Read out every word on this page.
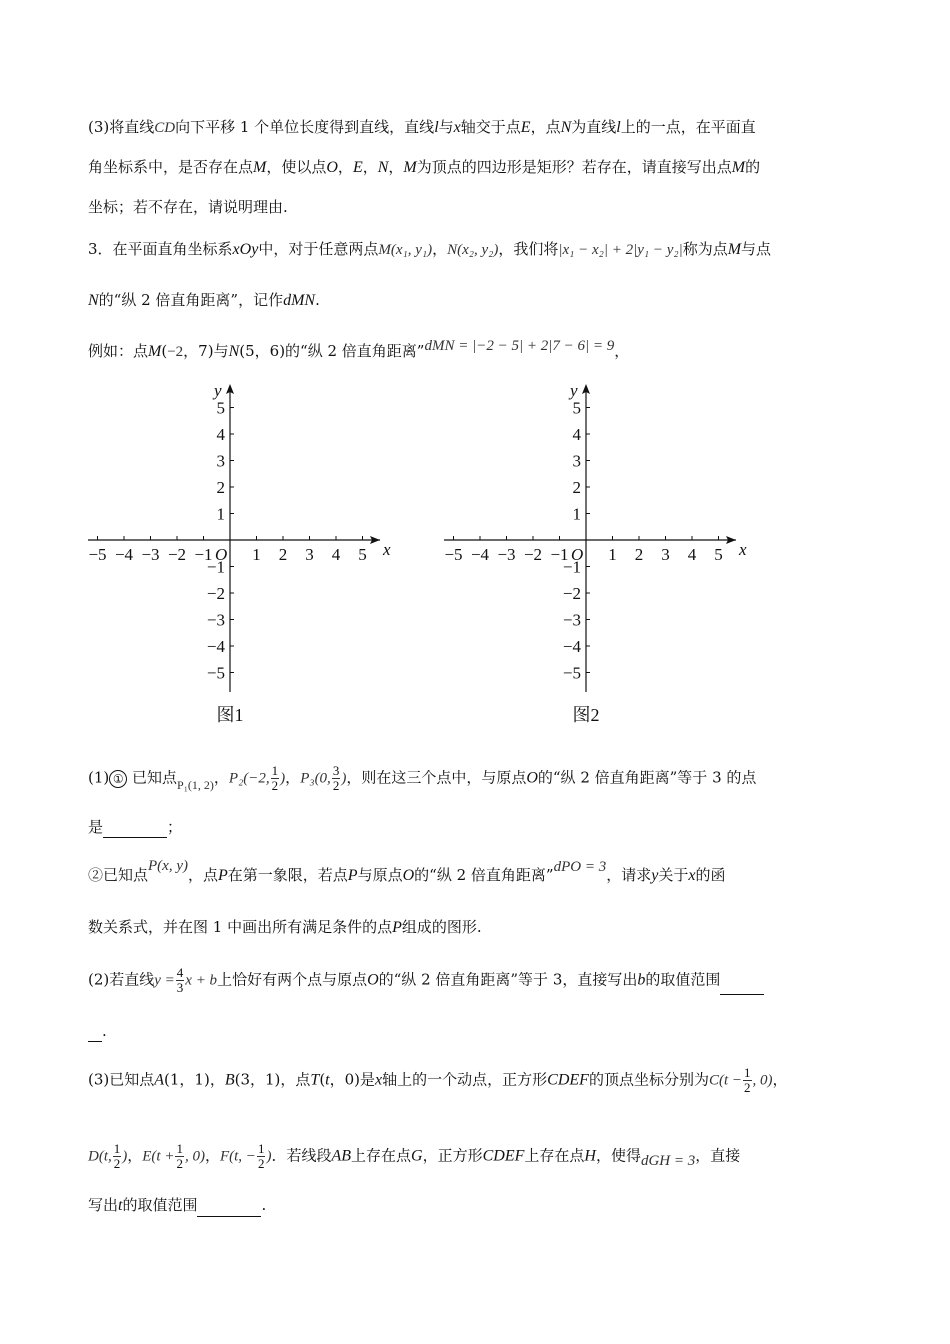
(3)将直线CD向下平移 1 个单位长度得到直线，直线l与x轴交于点E，点N为直线l上的一点，在平面直
角坐标系中，是否存在点M，使以点O，E，N，M为顶点的四边形是矩形？若存在，请直接写出点M的
坐标；若不存在，请说明理由.
3．在平面直角坐标系xOy中，对于任意两点M(x₁, y₁)，N(x₂, y₂)，我们将|x₁ − x₂| + 2|y₁ − y₂|称为点M与点
N的“纵 2 倍直角距离”，记作dMN.
例如：点M(−2，7)与N(5，6)的“纵 2 倍直角距离”dMN = |−2 − 5| + 2|7 − 6| = 9，
−5 −4 −3 −2 −1 1 2 3 4 5
5
4
3
2
1
−1
−2
−3
−4
−5
x
y
O
图1
−5 −4 −3 −2 −1 1 2 3 4 5
5
4
3
2
1
−1
−2
−3
−4
−5
x
y
O
图2
(1) ① 已知点$_{P_1(1, 2)}$，P₂(−2, $\frac{1}{2}$ )，P₃(0, $\frac{3}{2}$ )，则在这三个点中，与原点O的“纵 2 倍直角距离”等于 3 的点
是	；
②已知点P(x, y)，点P在第一象限，若点P与原点O的“纵 2 倍直角距离”dPO = 3，请求y关于x的函
数关系式，并在图 1 中画出所有满足条件的点P组成的图形.
(2)若直线$y = \frac{4}{3}$ x + b上恰好有两个点与原点O的“纵 2 倍直角距离”等于 3，直接写出b的取值范围
.
(3)已知点A(1，1)，B(3，1)，点T(t，0)是x轴上的一个动点，正方形CDEF的顶点坐标分别为$C(t - \frac{1}{2}$ , 0)，
D(t, $\frac{1}{2}$ )，$E(t + \frac{1}{2}$ , 0)，F(t, − $\frac{1}{2}$ )．若线段AB上存在点G，正方形CDEF上存在点H，使得dGH = 3，直接
写出t的取值范围	.
